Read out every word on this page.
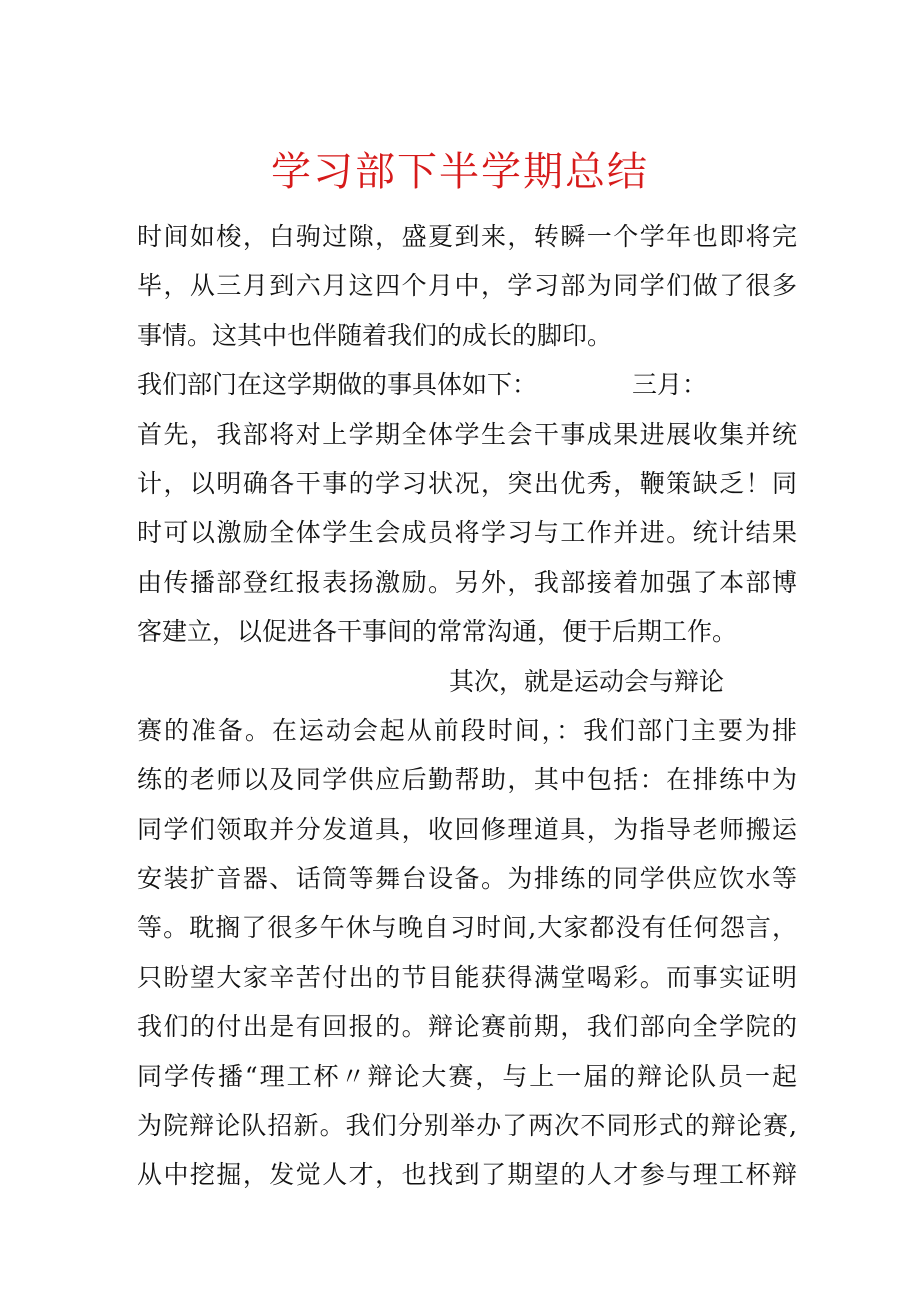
学习部下半学期总结

时间如梭，白驹过隙，盛夏到来，转瞬一个学年也即将完

毕，从三月到六月这四个月中，学习部为同学们做了很多

事情。这其中也伴随着我们的成长的脚印。

我们部门在这学期做的事具体如下：	三月：

首先，我部将对上学期全体学生会干事成果进展收集并统

计，以明确各干事的学习状况，突出优秀，鞭策缺乏！同

时可以激励全体学生会成员将学习与工作并进。统计结果

由传播部登红报表扬激励。另外，我部接着加强了本部博

客建立，以促进各干事间的常常沟通，便于后期工作。

其次，就是运动会与辩论

赛的准备。在运动会起从前段时间，：我们部门主要为排

练的老师以及同学供应后勤帮助，其中包括：在排练中为

同学们领取并分发道具，收回修理道具，为指导老师搬运

安装扩音器、话筒等舞台设备。为排练的同学供应饮水等

等。耽搁了很多午休与晚自习时间,大家都没有任何怨言，

只盼望大家辛苦付出的节目能获得满堂喝彩。而事实证明

我们的付出是有回报的。辩论赛前期，我们部向全学院的

同学传播“理工杯〃辩论大赛，与上一届的辩论队员一起

为院辩论队招新。我们分别举办了两次不同形式的辩论赛,

从中挖掘，发觉人才，也找到了期望的人才参与理工杯辩
